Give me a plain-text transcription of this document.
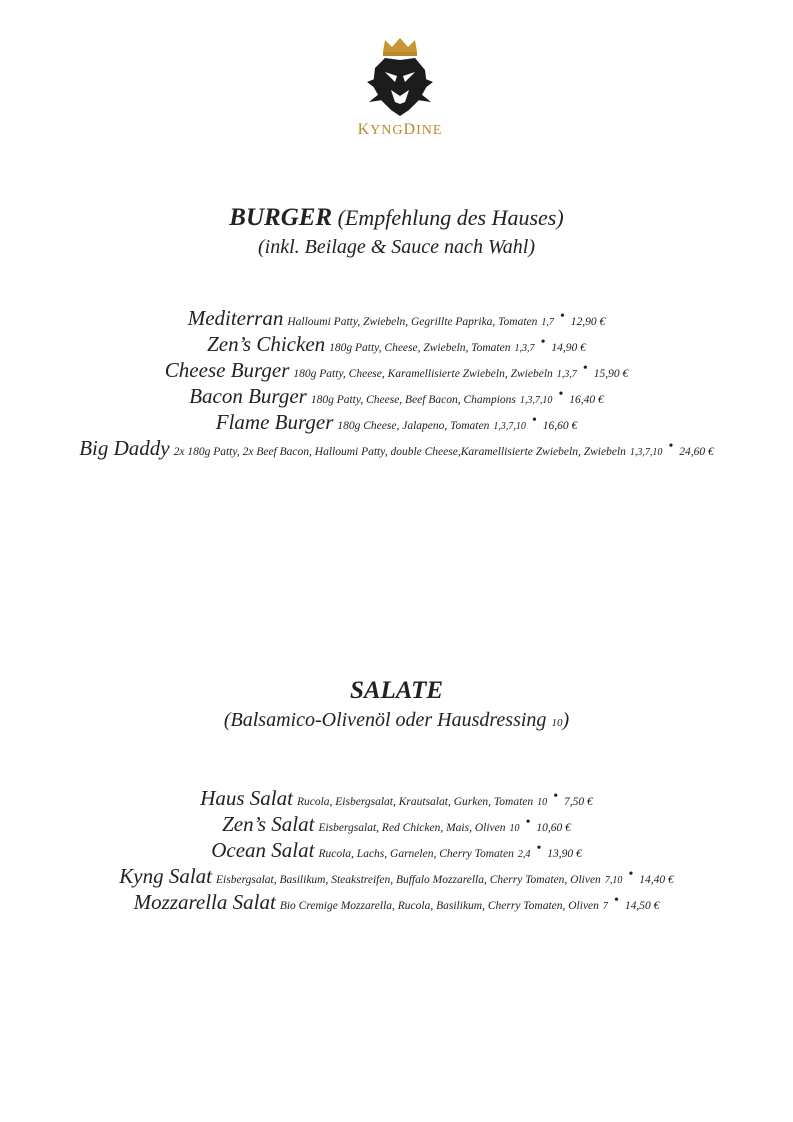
KYNGDINE
BURGER (Empfehlung des Hauses)
(inkl. Beilage & Sauce nach Wahl)
Mediterran Halloumi Patty, Zwiebeln, Gegrillte Paprika, Tomaten 1,7 • 12,90 €
Zen’s Chicken 180g Patty, Cheese, Zwiebeln, Tomaten 1,3,7 • 14,90 €
Cheese Burger 180g Patty, Cheese, Karamellisierte Zwiebeln, Zwiebeln 1,3,7 • 15,90 €
Bacon Burger 180g Patty, Cheese, Beef Bacon, Champions 1,3,7,10 • 16,40 €
Flame Burger 180g Cheese, Jalapeno, Tomaten 1,3,7,10 • 16,60 €
Big Daddy 2x 180g Patty, 2x Beef Bacon, Halloumi Patty, double Cheese,Karamellisierte Zwiebeln, Zwiebeln 1,3,7,10 • 24,60 €
SALATE
(Balsamico-Olivenöl oder Hausdressing 10)
Haus Salat Rucola, Eisbergsalat, Krautsalat, Gurken, Tomaten 10 • 7,50 €
Zen’s Salat Eisbergsalat, Red Chicken, Mais, Oliven 10 • 10,60 €
Ocean Salat Rucola, Lachs, Garnelen, Cherry Tomaten 2,4 • 13,90 €
Kyng Salat Eisbergsalat, Basilikum, Steakstreifen, Buffalo Mozzarella, Cherry Tomaten, Oliven 7,10 • 14,40 €
Mozzarella Salat Bio Cremige Mozzarella, Rucola, Basilikum, Cherry Tomaten, Oliven 7 • 14,50 €
